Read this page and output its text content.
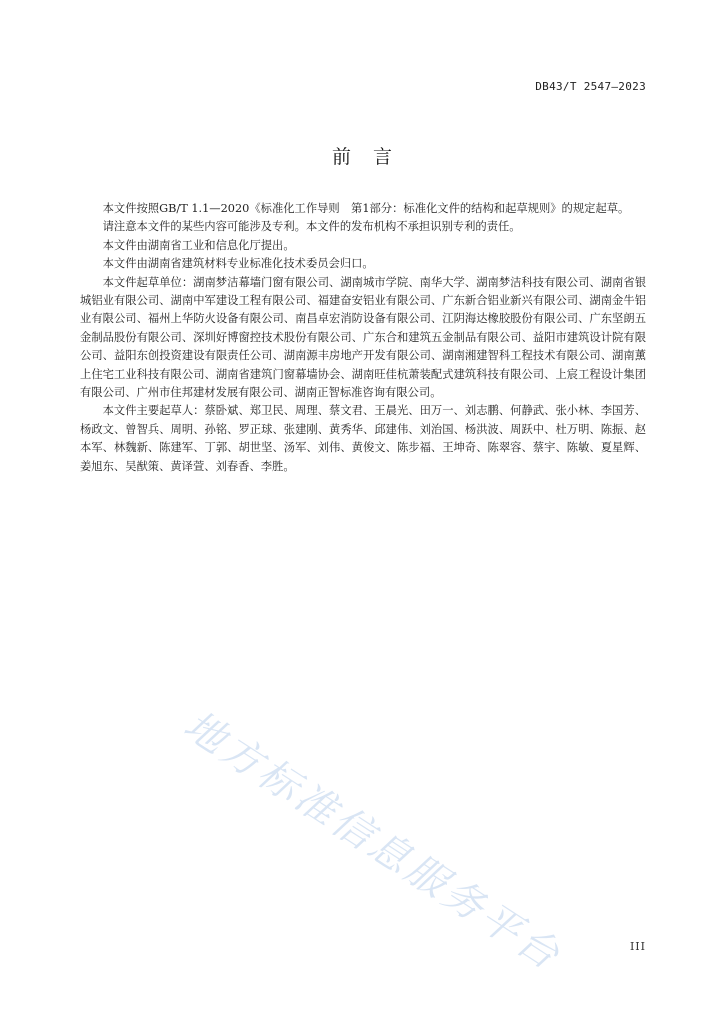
DB43/T 2547—2023
前言

本文件按照GB/T 1.1—2020《标准化工作导则　第1部分：标准化文件的结构和起草规则》的规定起草。

请注意本文件的某些内容可能涉及专利。本文件的发布机构不承担识别专利的责任。

本文件由湖南省工业和信息化厅提出。

本文件由湖南省建筑材料专业标准化技术委员会归口。

本文件起草单位：湖南梦洁幕墙门窗有限公司、湖南城市学院、南华大学、湖南梦洁科技有限公司、湖南省银城铝业有限公司、湖南中军建设工程有限公司、福建奋安铝业有限公司、广东新合铝业新兴有限公司、湖南金牛铝业有限公司、福州上华防火设备有限公司、南昌卓宏消防设备有限公司、江阴海达橡胶股份有限公司、广东坚朗五金制品股份有限公司、深圳好博窗控技术股份有限公司、广东合和建筑五金制品有限公司、益阳市建筑设计院有限公司、益阳东创投资建设有限责任公司、湖南源丰房地产开发有限公司、湖南湘建智科工程技术有限公司、湖南薰上住宅工业科技有限公司、湖南省建筑门窗幕墙协会、湖南旺佳杭萧装配式建筑科技有限公司、上宸工程设计集团有限公司、广州市住邦建材发展有限公司、湖南正智标准咨询有限公司。

本文件主要起草人：蔡卧斌、郑卫民、周理、蔡文君、王晨光、田万一、刘志鹏、何静武、张小林、李国芳、杨政文、曾智兵、周明、孙铭、罗正球、张建刚、黄秀华、邱建伟、刘治国、杨洪波、周跃中、杜万明、陈振、赵本军、林魏新、陈建军、丁郭、胡世坚、汤军、刘伟、黄俊文、陈步福、王坤奇、陈翠容、蔡宇、陈敏、夏星辉、姜旭东、吴猷策、黄译萱、刘春香、李胜。

地方标准信息服务平台	III
